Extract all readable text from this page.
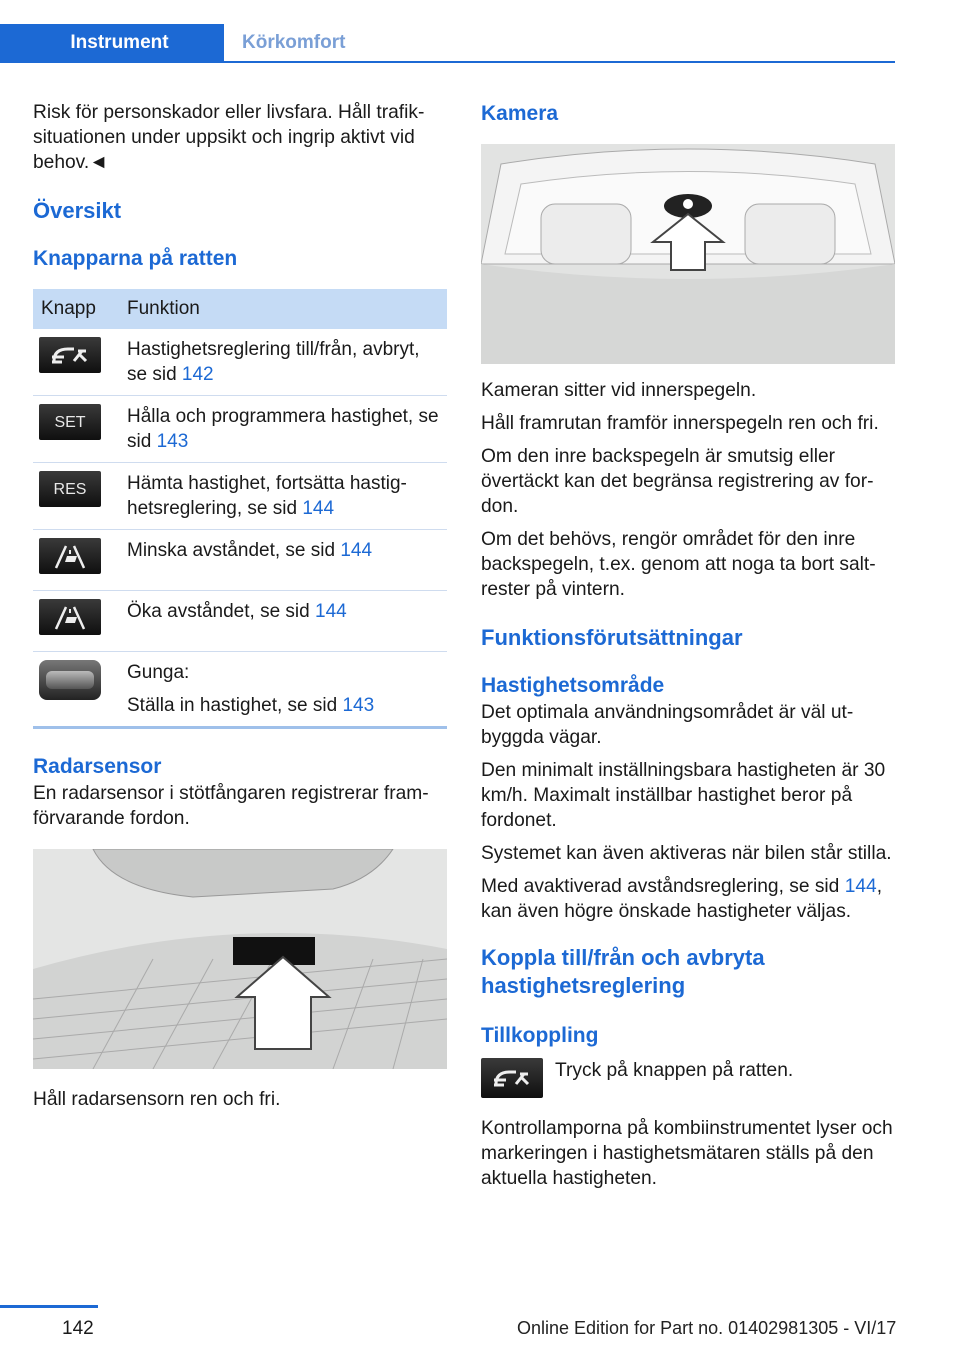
Instrument	Körkomfort

Risk för personskador eller livsfara. Håll trafiksituationen under uppsikt och ingrip aktivt vid behov.◄

Översikt
Knapparna på ratten
Knapp	Funktion

	Hastighetsreglering till/från, avbryt, se sid 142

SET	Hålla och programmera hastighet, se sid 143

RES	Hämta hastighet, fortsätta hastighetsreglering, se sid 144

	Minska avståndet, se sid 144

	Öka avståndet, se sid 144

	Gunga:
Ställa in hastighet, se sid 143
Radarsensor

En radarsensor i stötfångaren registrerar framförvarande fordon.

Håll radarsensorn ren och fri.

Kamera

Kameran sitter vid innerspegeln.

Håll framrutan framför innerspegeln ren och fri.

Om den inre backspegeln är smutsig eller övertäckt kan det begränsa registrering av fordon.

Om det behövs, rengör området för den inre backspegeln, t.ex. genom att noga ta bort saltrester på vintern.

Funktionsförutsättningar
Hastighetsområde

Det optimala användningsområdet är väl utbyggda vägar.

Den minimalt inställningsbara hastigheten är 30 km/h. Maximalt inställbar hastighet beror på fordonet.

Systemet kan även aktiveras när bilen står stilla.

Med avaktiverad avståndsreglering, se sid 144, kan även högre önskade hastigheter väljas.

Koppla till/från och avbryta hastighetsreglering
Tillkoppling

Tryck på knappen på ratten.

Kontrollamporna på kombiinstrumentet lyser och markeringen i hastighetsmätaren ställs på den aktuella hastigheten.

142	Online Edition for Part no. 01402981305 - VI/17
